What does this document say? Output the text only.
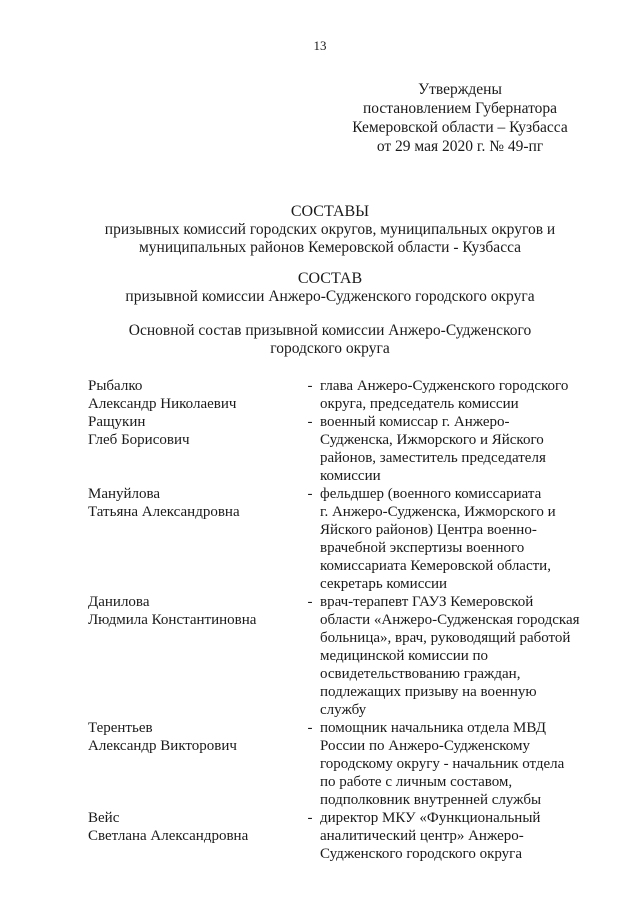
13
Утверждены
постановлением Губернатора
Кемеровской области – Кузбасса
от 29 мая 2020 г. № 49-пг
СОСТАВЫ
призывных комиссий городских округов, муниципальных округов и
муниципальных районов Кемеровской области - Кузбасса
СОСТАВ
призывной комиссии Анжеро-Судженского городского округа
Основной состав призывной комиссии Анжеро-Судженского
городского округа
Рыбалко
Александр Николаевич
- глава Анжеро-Судженского городского
округа, председатель комиссии
Ращукин
Глеб Борисович
- военный комиссар г. Анжеро-
Судженска, Ижморского и Яйского
районов, заместитель председателя
комиссии
Мануйлова
Татьяна Александровна
- фельдшер (военного комиссариата
г. Анжеро-Судженска, Ижморского и
Яйского районов) Центра военно-
врачебной экспертизы военного
комиссариата Кемеровской области,
секретарь комиссии
Данилова
Людмила Константиновна
- врач-терапевт ГАУЗ Кемеровской
области «Анжеро-Судженская городская
больница», врач, руководящий работой
медицинской комиссии по
освидетельствованию граждан,
подлежащих призыву на военную
службу
Терентьев
Александр Викторович
- помощник начальника отдела МВД
России по Анжеро-Судженскому
городскому округу - начальник отдела
по работе с личным составом,
подполковник внутренней службы
Вейс
Светлана Александровна
- директор МКУ «Функциональный
аналитический центр» Анжеро-
Судженского городского округа
